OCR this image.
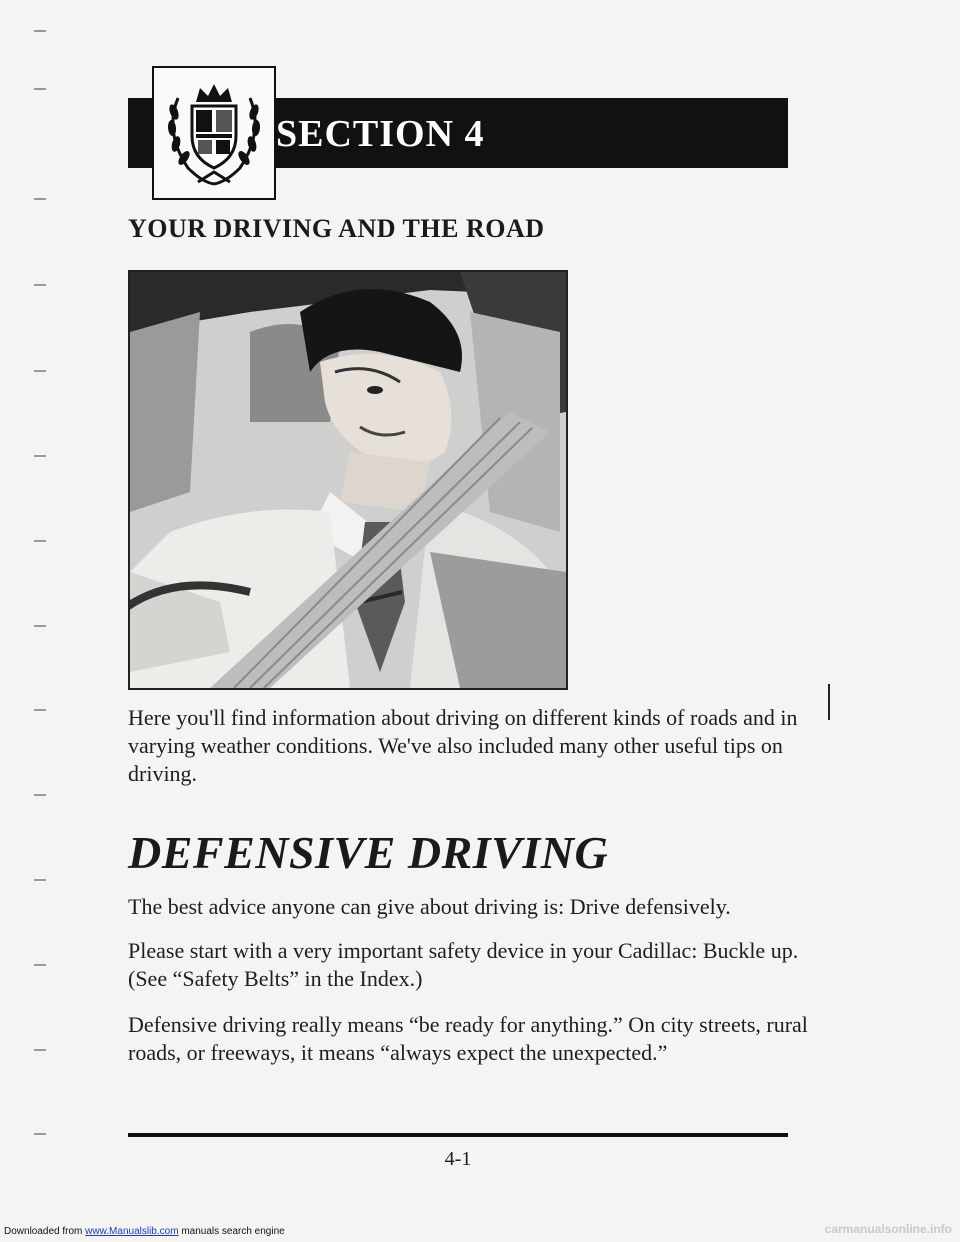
SECTION 4
YOUR DRIVING AND THE ROAD

Here you'll find information about driving on different kinds of roads and in varying weather conditions. We've also included many other useful tips on driving.

DEFENSIVE DRIVING

The best advice anyone can give about driving is: Drive defensively.

Please start with a very important safety device in your Cadillac: Buckle up. (See “Safety Belts” in the Index.)

Defensive driving really means “be ready for anything.” On city streets, rural roads, or freeways, it means “always expect the unexpected.”

4-1
Downloaded from www.Manualslib.com manuals search engine	carmanualsonline.info
